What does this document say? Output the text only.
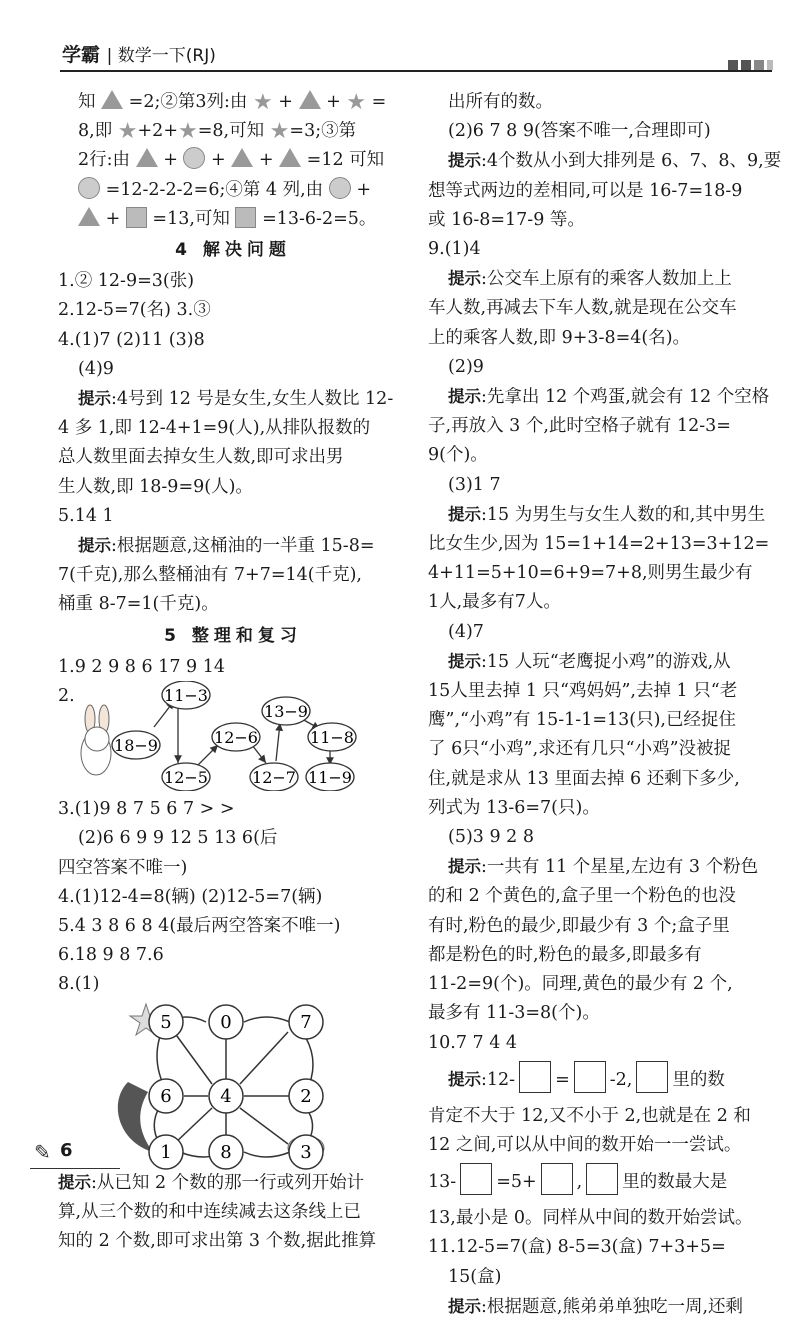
学霸 | 数学一下(RJ)
知 =2;②第3列:由 ★ + + ★ =
8,即 ★+2+★=8,可知 ★=3;③第
2行:由 + + + =12 可知
=12-2-2-2=6;④第 4 列,由 +
+ =13,可知 =13-6-2=5。
4 解决问题
1.② 12-9=3(张)
2.12-5=7(名) 3.③
4.(1)7 (2)11 (3)8
(4)9
提示:4号到 12 号是女生,女生人数比 12-
4 多 1,即 12-4+1=9(人),从排队报数的
总人数里面去掉女生人数,即可求出男
生人数,即 18-9=9(人)。
5.14 1
提示:根据题意,这桶油的一半重 15-8=
7(千克),那么整桶油有 7+7=14(千克),
桶重 8-7=1(千克)。
5 整理和复习
1.9 2 9 8 6 17 9 14
2.	11−3
18−9	12−6
13−9
11−8
12−5	12−7 11−9
3.(1)9 8 7 5 6 7 > >
(2)6 6 9 9 12 5 13 6(后
四空答案不唯一)
4.(1)12-4=8(辆) (2)12-5=7(辆)
5.4 3 8 6 8 4(最后两空答案不唯一)
6.18 9 8 7.6
8.(1)
5	0	7
6	4	2
1	8	3
提示:从已知 2 个数的那一行或列开始计
算,从三个数的和中连续减去这条线上已
知的 2 个数,即可求出第 3 个数,据此推算
出所有的数。
(2)6 7 8 9(答案不唯一,合理即可)
提示:4个数从小到大排列是 6、7、8、9,要
想等式两边的差相同,可以是 16-7=18-9
或 16-8=17-9 等。
9.(1)4
提示:公交车上原有的乘客人数加上上
车人数,再减去下车人数,就是现在公交车
上的乘客人数,即 9+3-8=4(名)。
(2)9
提示:先拿出 12 个鸡蛋,就会有 12 个空格
子,再放入 3 个,此时空格子就有 12-3=
9(个)。
(3)1 7
提示:15 为男生与女生人数的和,其中男生
比女生少,因为 15=1+14=2+13=3+12=
4+11=5+10=6+9=7+8,则男生最少有
1人,最多有7人。
(4)7
提示:15 人玩“老鹰捉小鸡”的游戏,从
15人里去掉 1 只“鸡妈妈”,去掉 1 只“老
鹰”,“小鸡”有 15-1-1=13(只),已经捉住
了 6只“小鸡”,求还有几只“小鸡”没被捉
住,就是求从 13 里面去掉 6 还剩下多少,
列式为 13-6=7(只)。
(5)3 9 2 8
提示:一共有 11 个星星,左边有 3 个粉色
的和 2 个黄色的,盒子里一个粉色的也没
有时,粉色的最少,即最少有 3 个;盒子里
都是粉色的时,粉色的最多,即最多有
11-2=9(个)。同理,黄色的最少有 2 个,
最多有 11-3=8(个)。
10.7 7 4 4
提示:12- = -2, 里的数
肯定不大于 12,又不小于 2,也就是在 2 和
12 之间,可以从中间的数开始一一尝试。
13- =5+ , 里的数最大是
13,最小是 0。同样从中间的数开始尝试。
11.12-5=7(盒) 8-5=3(盒) 7+3+5=
15(盒)
提示:根据题意,熊弟弟单独吃一周,还剩
✎ 6
